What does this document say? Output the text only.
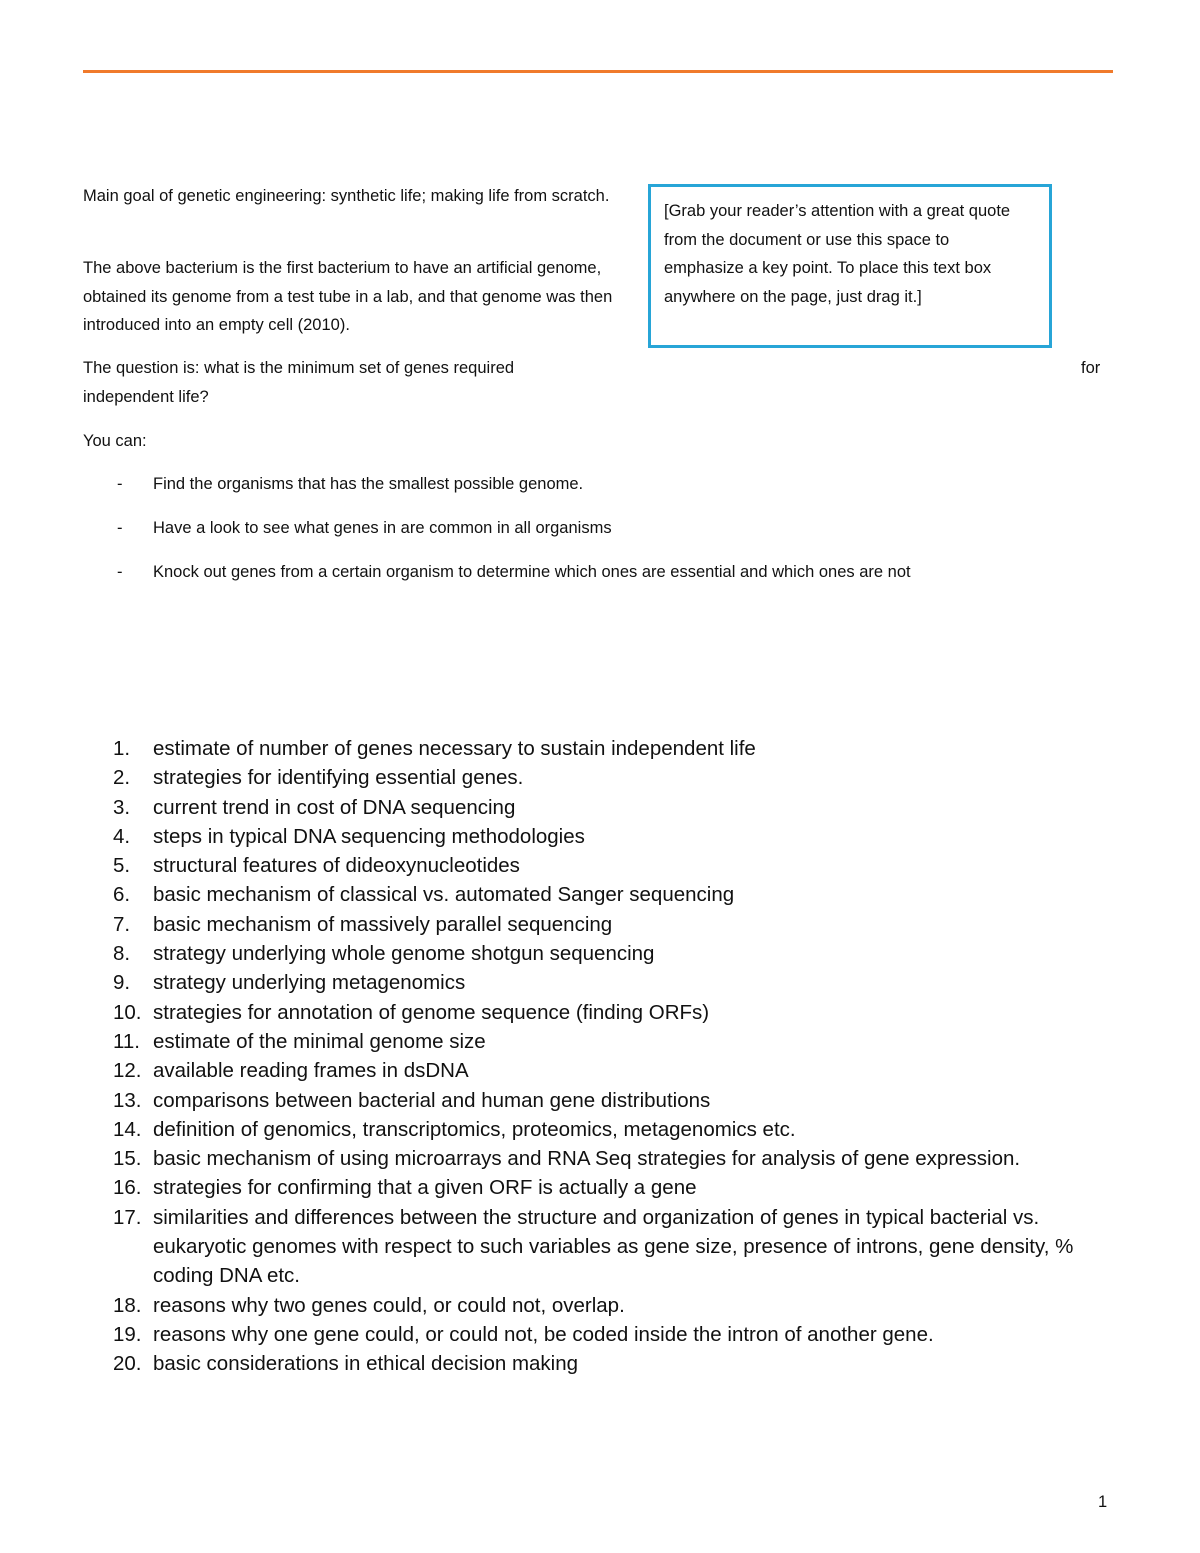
Main goal of genetic engineering: synthetic life; making life from scratch.

The above bacterium is the first bacterium to have an artificial genome, obtained its genome from a test tube in a lab, and that genome was then introduced into an empty cell (2010).

The question is: what is the minimum set of genes required
independent life?

for

You can:

[Grab your reader’s attention with a great quote from the document or use this space to emphasize a key point. To place this text box anywhere on the page, just drag it.]

- Find the organisms that has the smallest possible genome.
- Have a look to see what genes in are common in all organisms
- Knock out genes from a certain organism to determine which ones are essential and which ones are not
1.	estimate of number of genes necessary to sustain independent life
2.	strategies for identifying essential genes.
3.	current trend in cost of DNA sequencing
4.	steps in typical DNA sequencing methodologies
5.	structural features of dideoxynucleotides
6.	basic mechanism of classical vs. automated Sanger sequencing
7.	basic mechanism of massively parallel sequencing
8.	strategy underlying whole genome shotgun sequencing
9.	strategy underlying metagenomics
10. strategies for annotation of genome sequence (finding ORFs)
11. estimate of the minimal genome size
12. available reading frames in dsDNA
13. comparisons between bacterial and human gene distributions
14. definition of genomics, transcriptomics, proteomics, metagenomics etc.
15. basic mechanism of using microarrays and RNA Seq strategies for analysis of gene expression.
16. strategies for confirming that a given ORF is actually a gene
17. similarities and differences between the structure and organization of genes in typical bacterial vs. eukaryotic genomes with respect to such variables as gene size, presence of introns, gene density, % coding DNA etc.
18. reasons why two genes could, or could not, overlap.
19. reasons why one gene could, or could not, be coded inside the intron of another gene.
20. basic considerations in ethical decision making

1
